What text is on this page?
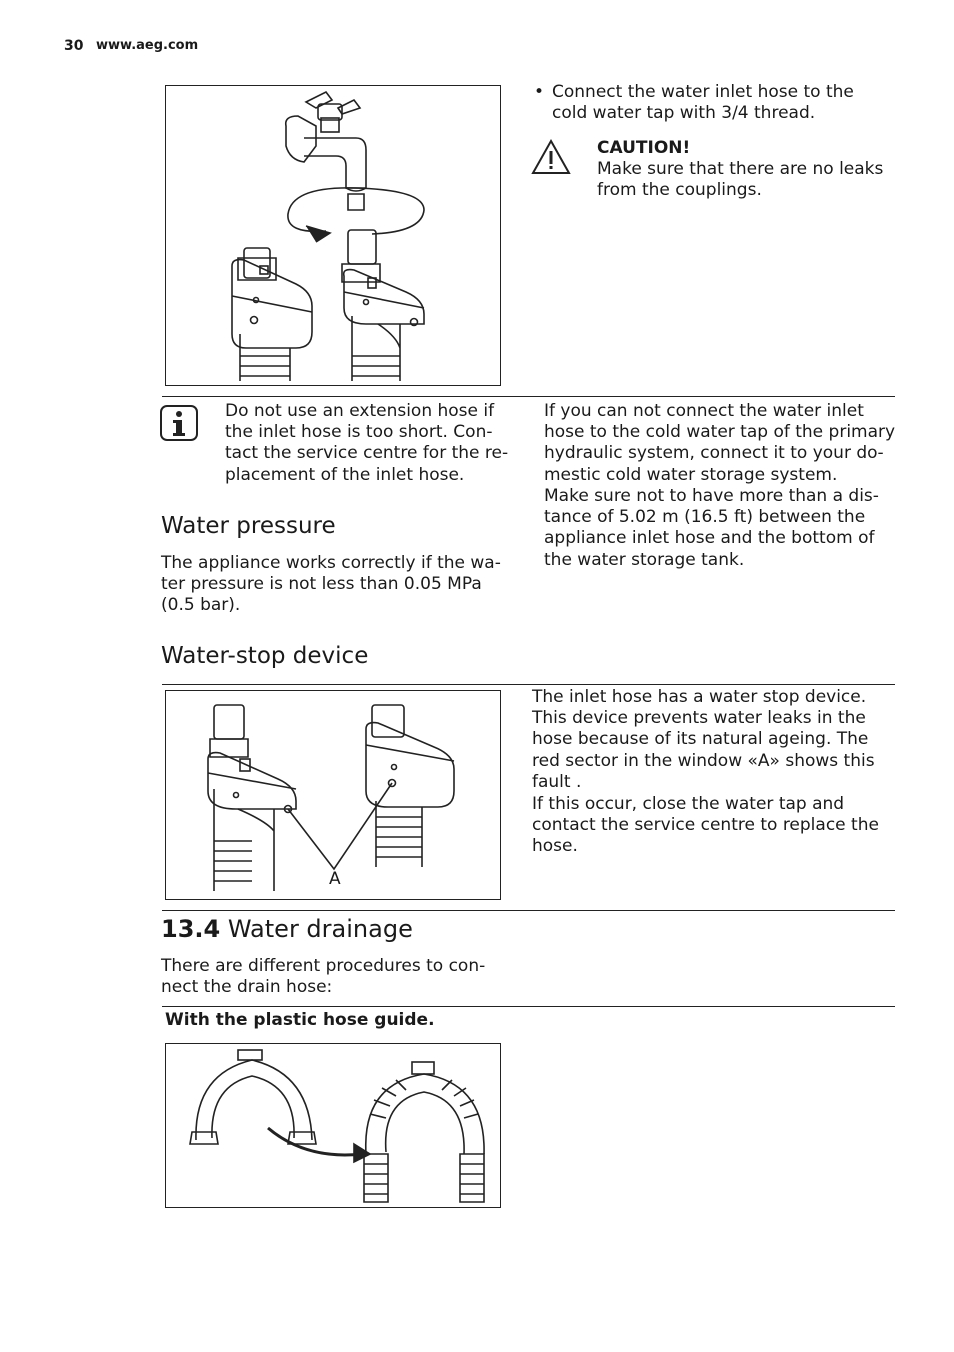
30 www.aeg.com
• Connect the water inlet hose to the cold water tap with 3/4 thread.

CAUTION!

Make sure that there are no leaks from the couplings.

Do not use an extension hose if the inlet hose is too short. Contact the service centre for the replacement of the inlet hose.

If you can not connect the water inlet hose to the cold water tap of the primary hydraulic system, connect it to your domestic cold water storage system.

Make sure not to have more than a distance of 5.02 m (16.5 ft) between the appliance inlet hose and the bottom of the water storage tank.

Water pressure

The appliance works correctly if the water pressure is not less than 0.05 MPa (0.5 bar).

Water-stop device
A

The inlet hose has a water stop device. This device prevents water leaks in the hose because of its natural ageing. The red sector in the window «A» shows this fault .

If this occur, close the water tap and contact the service centre to replace the hose.

13.4 Water drainage

There are different procedures to connect the drain hose:

With the plastic hose guide.
